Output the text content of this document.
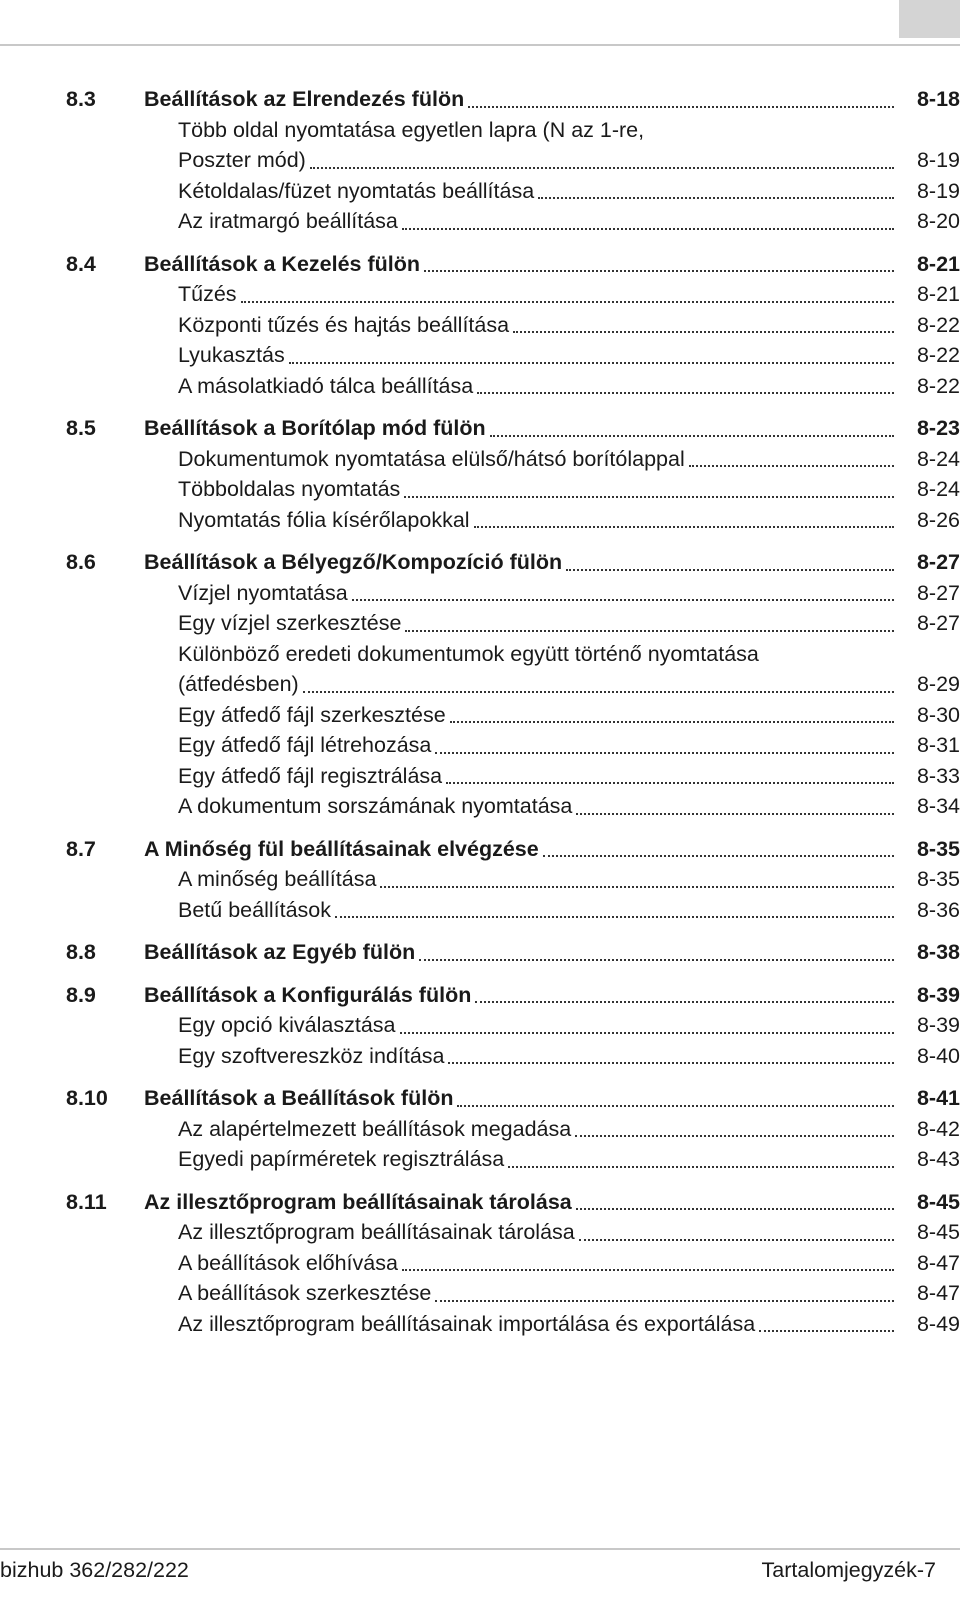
8.3	Beállítások az Elrendezés fülön	8-18
Több oldal nyomtatása egyetlen lapra (N az 1-re,
Poszter mód)	8-19
Kétoldalas/füzet nyomtatás beállítása	8-19
Az iratmargó beállítása	8-20
8.4	Beállítások a Kezelés fülön	8-21
Tűzés	8-21
Központi tűzés és hajtás beállítása	8-22
Lyukasztás	8-22
A másolatkiadó tálca beállítása	8-22
8.5	Beállítások a Borítólap mód fülön	8-23
Dokumentumok nyomtatása elülső/hátsó borítólappal	8-24
Többoldalas nyomtatás	8-24
Nyomtatás fólia kísérőlapokkal	8-26
8.6	Beállítások a Bélyegző/Kompozíció fülön	8-27
Vízjel nyomtatása	8-27
Egy vízjel szerkesztése	8-27
Különböző eredeti dokumentumok együtt történő nyomtatása
(átfedésben)	8-29
Egy átfedő fájl szerkesztése	8-30
Egy átfedő fájl létrehozása	8-31
Egy átfedő fájl regisztrálása	8-33
A dokumentum sorszámának nyomtatása	8-34
8.7	A Minőség fül beállításainak elvégzése	8-35
A minőség beállítása	8-35
Betű beállítások	8-36
8.8	Beállítások az Egyéb fülön	8-38
8.9	Beállítások a Konfigurálás fülön	8-39
Egy opció kiválasztása	8-39
Egy szoftvereszköz indítása	8-40
8.10	Beállítások a Beállítások fülön	8-41
Az alapértelmezett beállítások megadása	8-42
Egyedi papírméretek regisztrálása	8-43
8.11	Az illesztőprogram beállításainak tárolása	8-45
Az illesztőprogram beállításainak tárolása	8-45
A beállítások előhívása	8-47
A beállítások szerkesztése	8-47
Az illesztőprogram beállításainak importálása és exportálása	8-49
bizhub 362/282/222	Tartalomjegyzék-7
